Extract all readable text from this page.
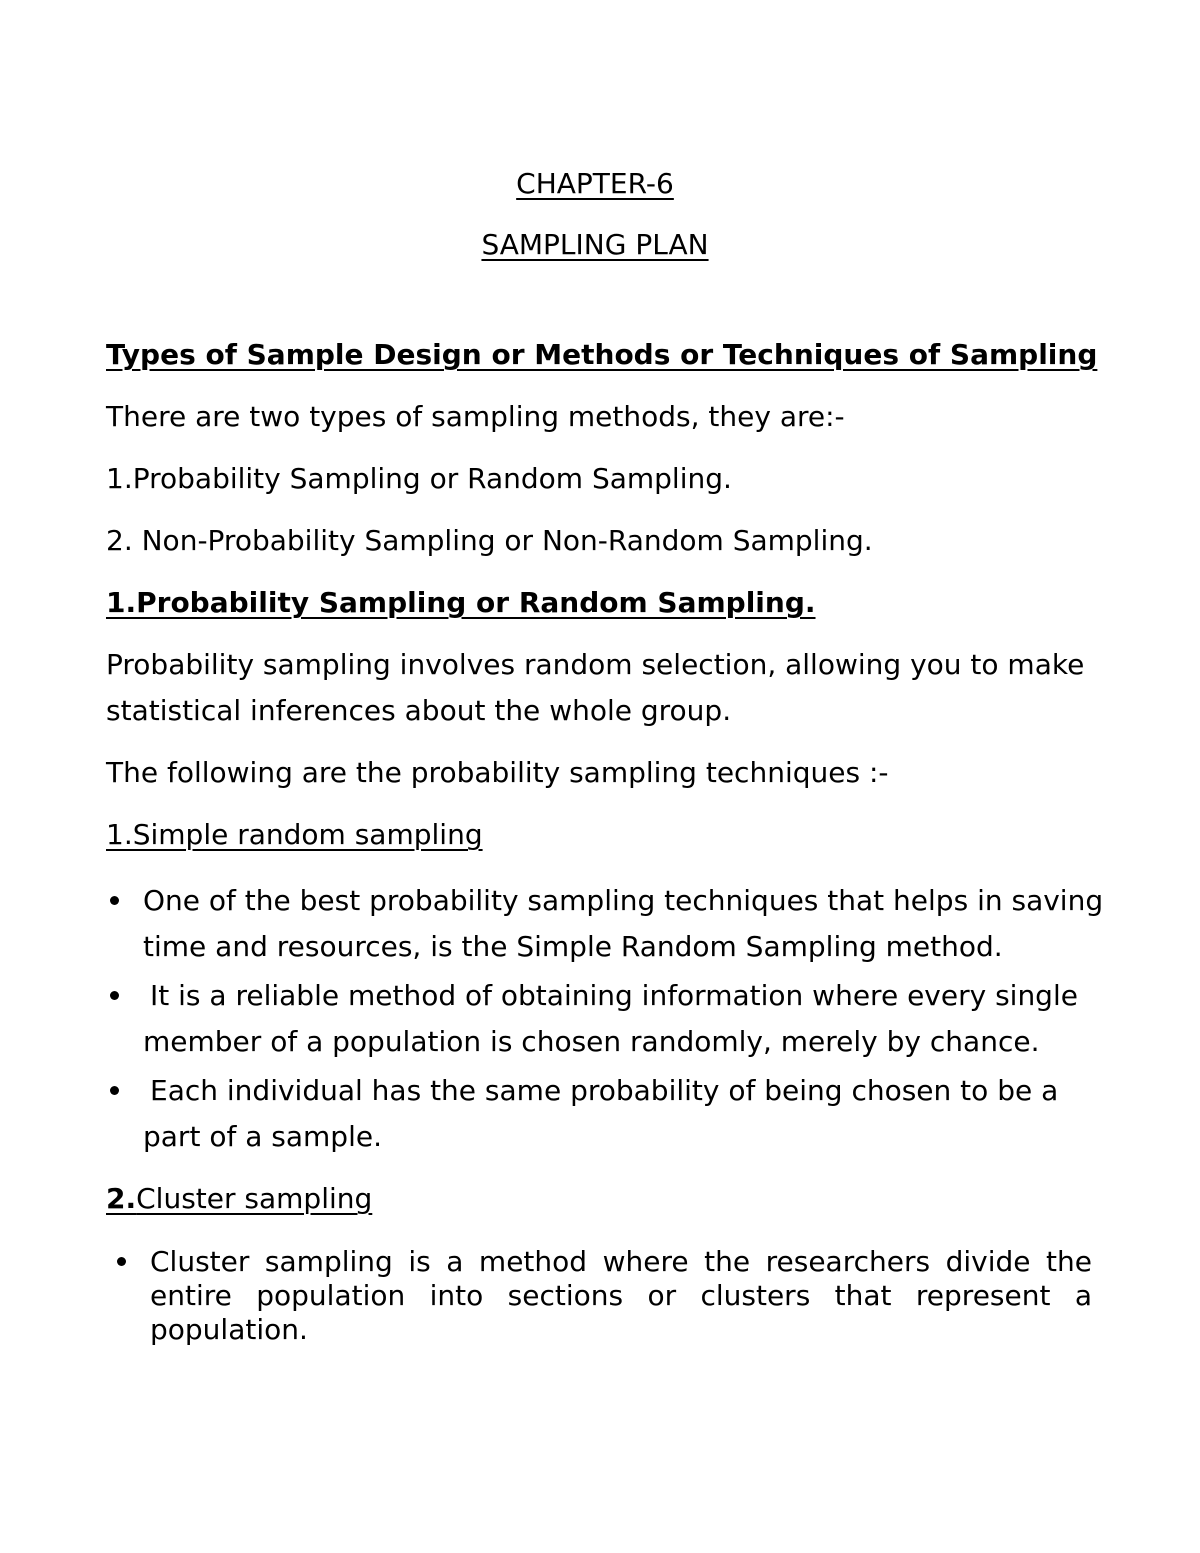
CHAPTER-6
SAMPLING PLAN
Types of Sample Design or Methods or Techniques of Sampling
There are two types of sampling methods, they are:-
1.Probability Sampling or Random Sampling.
2. Non-Probability Sampling or Non-Random Sampling.
1.Probability Sampling or Random Sampling.
Probability sampling involves random selection, allowing you to make
statistical inferences about the whole group.
The following are the probability sampling techniques :-
1.Simple random sampling
One of the best probability sampling techniques that helps in saving
time and resources, is the Simple Random Sampling method.
It is a reliable method of obtaining information where every single
member of a population is chosen randomly, merely by chance.
Each individual has the same probability of being chosen to be a
part of a sample.
2.Cluster sampling
Cluster sampling is a method where the researchers divide the entire population into sections or clusters that represent a population.
